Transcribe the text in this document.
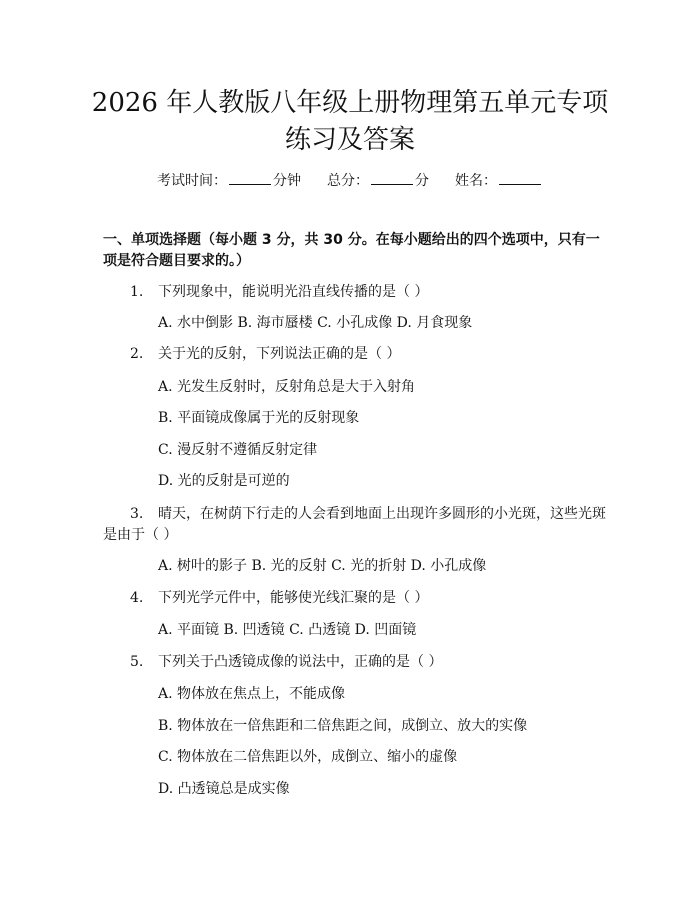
2026 年人教版八年级上册物理第五单元专项
练习及答案
考试时间：	分钟 总分：	分 姓名：
一、单项选择题（每小题 3 分，共 30 分。在每小题给出的四个选项中，只有一项是符合题目要求的。）
1. 下列现象中，能说明光沿直线传播的是（ ）
A. 水中倒影 B. 海市蜃楼 C. 小孔成像 D. 月食现象
2. 关于光的反射，下列说法正确的是（ ）
A. 光发生反射时，反射角总是大于入射角
B. 平面镜成像属于光的反射现象
C. 漫反射不遵循反射定律
D. 光的反射是可逆的
3. 晴天，在树荫下行走的人会看到地面上出现许多圆形的小光斑，这些光斑
是由于（ ）
A. 树叶的影子 B. 光的反射 C. 光的折射 D. 小孔成像
4. 下列光学元件中，能够使光线汇聚的是（ ）
A. 平面镜 B. 凹透镜 C. 凸透镜 D. 凹面镜
5. 下列关于凸透镜成像的说法中，正确的是（ ）
A. 物体放在焦点上，不能成像
B. 物体放在一倍焦距和二倍焦距之间，成倒立、放大的实像
C. 物体放在二倍焦距以外，成倒立、缩小的虚像
D. 凸透镜总是成实像
